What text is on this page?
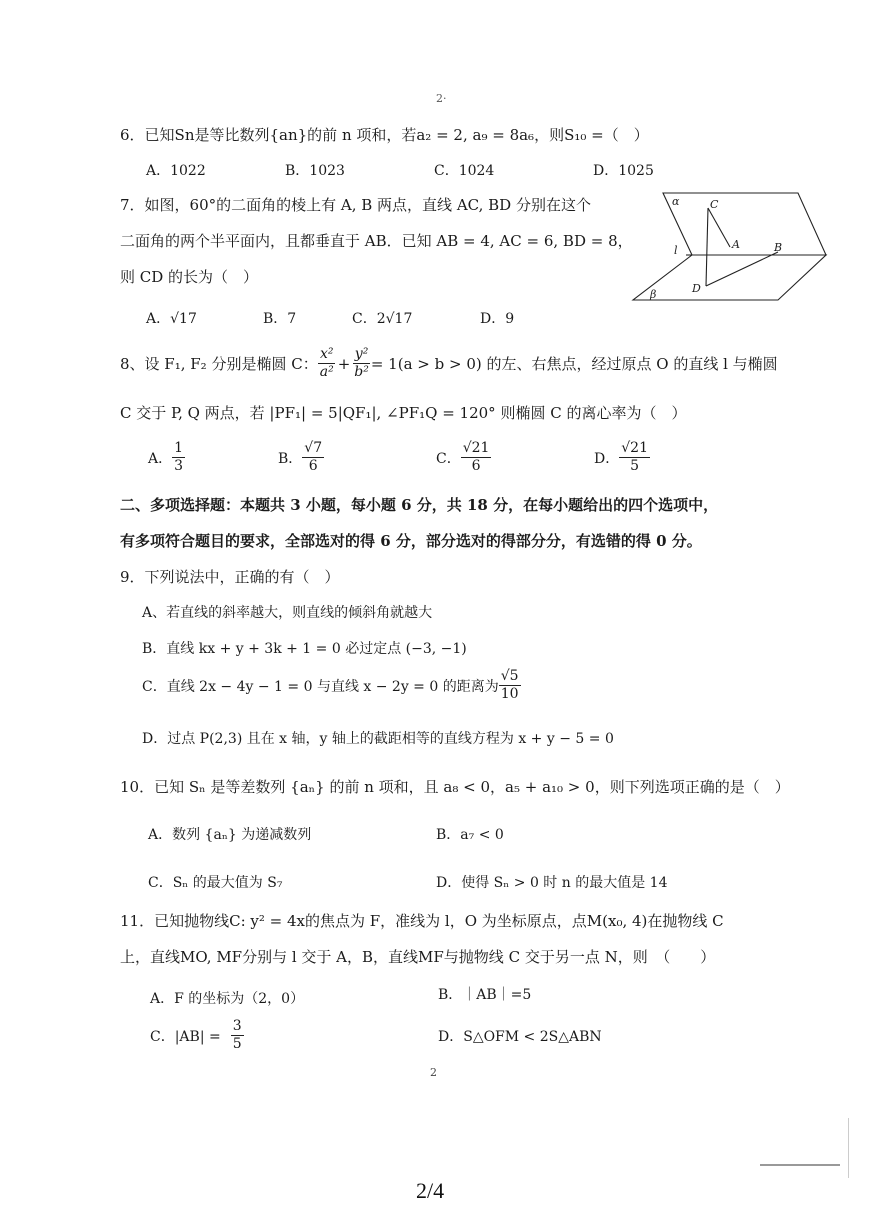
2·
6．已知Sn是等比数列{an}的前 n 项和，若a₂ = 2, a₉ = 8a₆，则S₁₀ =（　）
A．1022	B．1023	C．1024	D．1025
7．如图，60°的二面角的棱上有 A, B 两点，直线 AC, BD 分别在这个
二面角的两个半平面内，且都垂直于 AB．已知 AB = 4, AC = 6, BD = 8，
则 CD 的长为（　）
A．√17	B．7	C．2√17	D．9
α	C
A	B
l
D
β
8、设 F₁, F₂ 分别是椭圆 C： $\frac{\text{x²}}{\text{a²}} + \frac{\text{y²}}{\text{b²}} = 1(a > b > 0)$ 的左、右焦点，经过原点 O 的直线 l 与椭圆
C 交于 P, Q 两点，若 |PF₁| = 5|QF₁|, ∠PF₁Q = 120° 则椭圆 C 的离心率为（　）
A． $\frac{1}{3}$	B． $\frac{√7}{6}$	C． $\frac{√21}{6}$	D． $\frac{√21}{5}$
二、多项选择题：本题共 3 小题，每小题 6 分，共 18 分，在每小题给出的四个选项中，
有多项符合题目的要求，全部选对的得 6 分，部分选对的得部分分，有选错的得 0 分。
9．下列说法中，正确的有（　）
A、若直线的斜率越大，则直线的倾斜角就越大
B．直线 kx + y + 3k + 1 = 0 必过定点 (−3, −1)
C．直线 2x − 4y − 1 = 0 与直线 x − 2y = 0 的距离为 $\frac{√5}{10}$
D．过点 P(2,3) 且在 x 轴，y 轴上的截距相等的直线方程为 x + y − 5 = 0
10．已知 Sₙ 是等差数列 {aₙ} 的前 n 项和，且 a₈ < 0，a₅ + a₁₀ > 0，则下列选项正确的是（　）
A．数列 {aₙ} 为递减数列	B．a₇ < 0
C．Sₙ 的最大值为 S₇	D．使得 Sₙ > 0 时 n 的最大值是 14
11．已知抛物线C: y² = 4x的焦点为 F，准线为 l，O 为坐标原点，点M(x₀, 4)在抛物线 C
上，直线MO, MF分别与 l 交于 A，B，直线MF与抛物线 C 交于另一点 N，则　（　　）
A．F 的坐标为（2，0）	B．｜AB｜=5
C．$|AB| = \frac{3}{5}$	D．S△OFM < 2S△ABN
2
2/4
